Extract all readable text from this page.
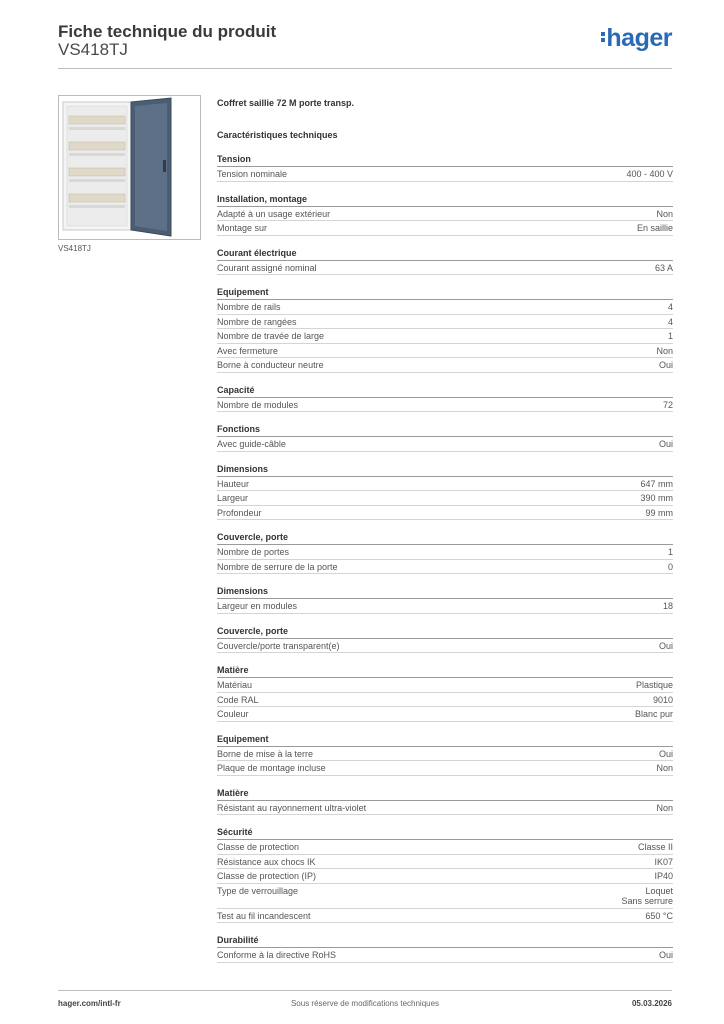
Fiche technique du produit
VS418TJ	hager
VS418TJ
Coffret saillie 72 M porte transp.
Caractéristiques techniques
Tension
Tension nominale	400 - 400 V
Installation, montage
Adapté à un usage extérieur	Non
Montage sur	En saillie
Courant électrique
Courant assigné nominal	63 A
Equipement
Nombre de rails	4
Nombre de rangées	4
Nombre de travée de large	1
Avec fermeture	Non
Borne à conducteur neutre	Oui
Capacité
Nombre de modules	72
Fonctions
Avec guide-câble	Oui
Dimensions
Hauteur	647 mm
Largeur	390 mm
Profondeur	99 mm
Couvercle, porte
Nombre de portes	1
Nombre de serrure de la porte	0
Dimensions
Largeur en modules	18
Couvercle, porte
Couvercle/porte transparent(e)	Oui
Matière
Matériau	Plastique
Code RAL	9010
Couleur	Blanc pur
Equipement
Borne de mise à la terre	Oui
Plaque de montage incluse	Non
Matière
Résistant au rayonnement ultra-violet	Non
Sécurité
Classe de protection	Classe II
Résistance aux chocs IK	IK07
Classe de protection (IP)	IP40
Type de verrouillage	Loquet
Sans serrure
Test au fil incandescent	650 °C
Durabilité
Conforme à la directive RoHS	Oui
hager.com/intl-fr	Sous réserve de modifications techniques	05.03.2026
